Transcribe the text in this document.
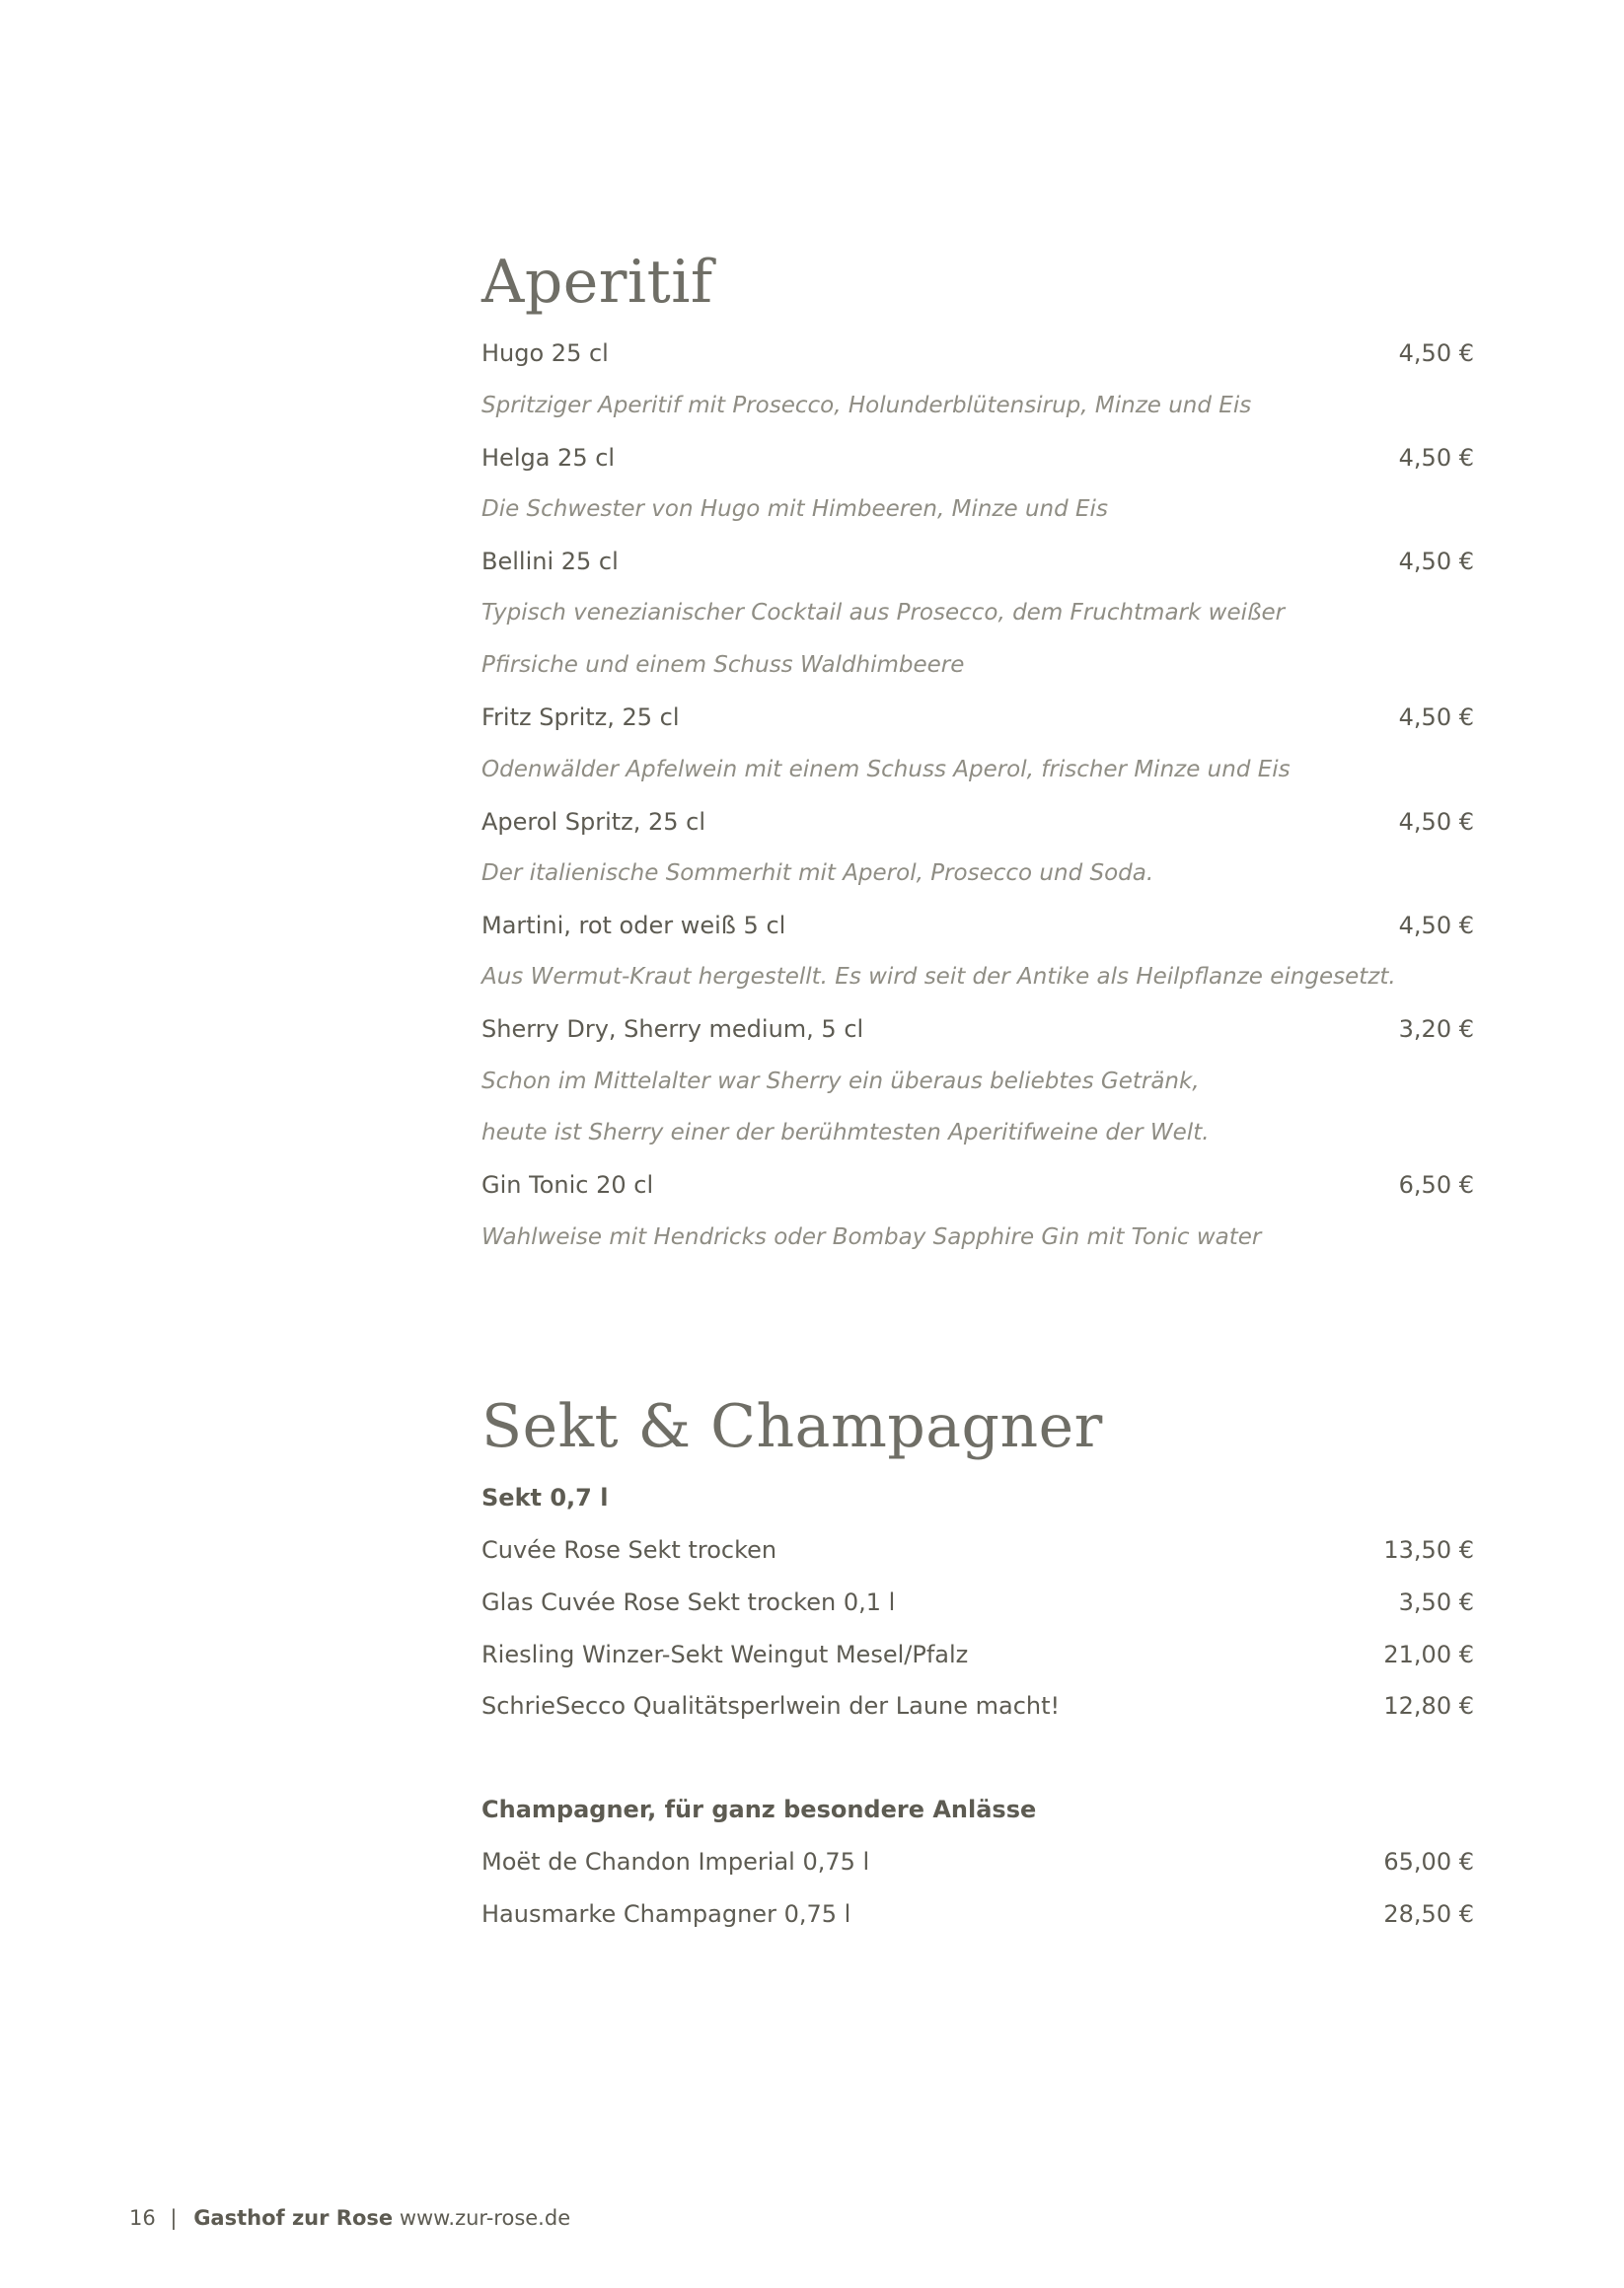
Aperitif
Hugo 25 cl	4,50 €
Spritziger Aperitif mit Prosecco, Holunderblütensirup, Minze und Eis
Helga 25 cl	4,50 €
Die Schwester von Hugo mit Himbeeren, Minze und Eis
Bellini 25 cl	4,50 €
Typisch venezianischer Cocktail aus Prosecco, dem Fruchtmark weißer
Pfirsiche und einem Schuss Waldhimbeere
Fritz Spritz, 25 cl	4,50 €
Odenwälder Apfelwein mit einem Schuss Aperol, frischer Minze und Eis
Aperol Spritz, 25 cl	4,50 €
Der italienische Sommerhit mit Aperol, Prosecco und Soda.
Martini, rot oder weiß 5 cl	4,50 €
Aus Wermut-Kraut hergestellt. Es wird seit der Antike als Heilpflanze eingesetzt.
Sherry Dry, Sherry medium, 5 cl	3,20 €
Schon im Mittelalter war Sherry ein überaus beliebtes Getränk,
heute ist Sherry einer der berühmtesten Aperitifweine der Welt.
Gin Tonic 20 cl	6,50 €
Wahlweise mit Hendricks oder Bombay Sapphire Gin mit Tonic water
Sekt & Champagner
Sekt 0,7 l
Cuvée Rose Sekt trocken	13,50 €
Glas Cuvée Rose Sekt trocken 0,1 l	3,50 €
Riesling Winzer-Sekt Weingut Mesel/Pfalz	21,00 €
SchrieSecco Qualitätsperlwein der Laune macht!	12,80 €
Champagner, für ganz besondere Anlässe
Moët de Chandon Imperial 0,75 l	65,00 €
Hausmarke Champagner 0,75 l	28,50 €
16 | Gasthof zur Rose www.zur-rose.de
